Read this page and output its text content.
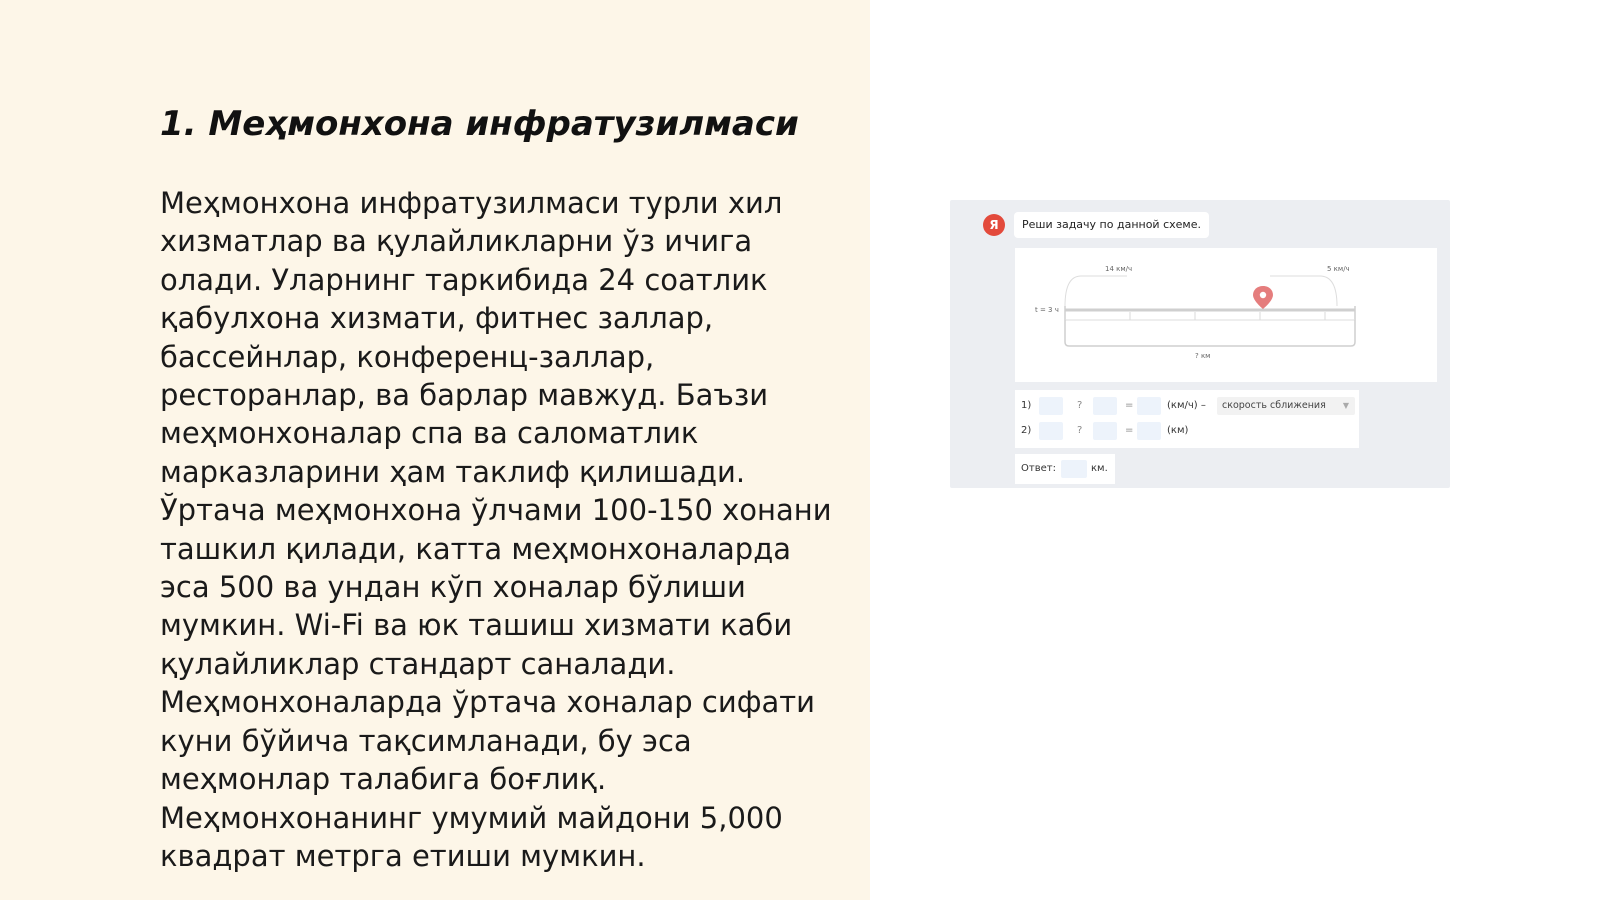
1. Меҳмонхона инфратузилмаси

Меҳмонхона инфратузилмаси турли хил хизматлар ва қулайликларни ўз ичига олади. Уларнинг таркибида 24 соатлик қабулхона хизмати, фитнес заллар, бассейнлар, конференц-заллар, ресторанлар, ва барлар мавжуд. Баъзи меҳмонхоналар спа ва саломатлик марказларини ҳам таклиф қилишади. Ўртача меҳмонхона ўлчами 100-150 хонани ташкил қилади, катта меҳмонхоналарда эса 500 ва ундан кўп хоналар бўлиши мумкин. Wi-Fi ва юк ташиш хизмати каби қулайликлар стандарт саналади. Меҳмонхоналарда ўртача хоналар сифати куни бўйича тақсимланади, бу эса меҳмонлар талабига боғлиқ. Меҳмонхонанинг умумий майдони 5,000 квадрат метрга етиши мумкин.

Я	Реши задачу по данной схеме.
14 км/ч	5 км/ч
t = 3 ч
? км
1)	?	=	(км/ч) –	скорость сближения ▼
2)	?	=	(км)
Ответ:	км.
